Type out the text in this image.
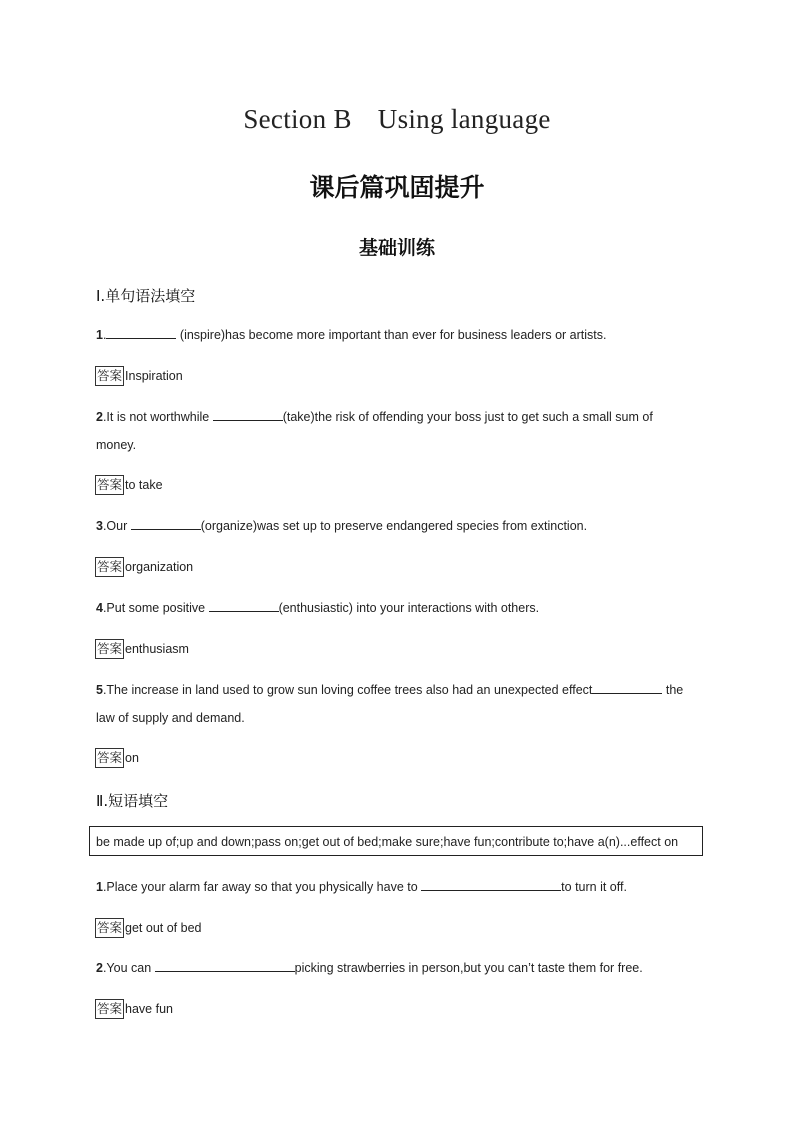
Section B Using language
课后篇巩固提升
基础训练
Ⅰ.单句语法填空
1.	(inspire)has become more important than ever for business leaders or artists.
答案 Inspiration
2.It is not worthwhile	(take)the risk of offending your boss just to get such a small sum of money.
答案 to take
3.Our	(organize)was set up to preserve endangered species from extinction.
答案 organization
4.Put some positive	(enthusiastic) into your interactions with others.
答案 enthusiasm
5.The increase in land used to grow sun loving coffee trees also had an unexpected effect	the law of supply and demand.
答案 on
Ⅱ.短语填空
be made up of;up and down;pass on;get out of bed;make sure;have fun;contribute to;have a(n)...effect on
1.Place your alarm far away so that you physically have to	to turn it off.
答案 get out of bed
2.You can	picking strawberries in person,but you can’t taste them for free.
答案 have fun
